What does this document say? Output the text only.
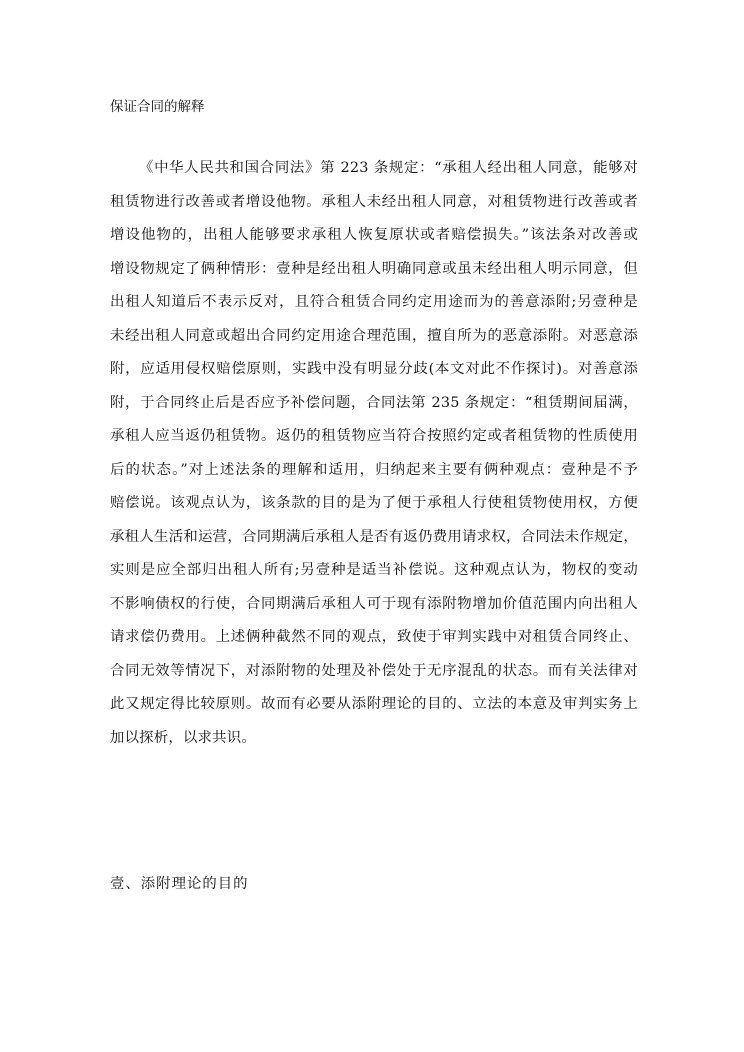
保证合同的解释
《中华人民共和国合同法》第 223 条规定：“承租人经出租人同意，能够对
租赁物进行改善或者增设他物。承租人未经出租人同意，对租赁物进行改善或者
增设他物的，出租人能够要求承租人恢复原状或者赔偿损失。”该法条对改善或
增设物规定了俩种情形：壹种是经出租人明确同意或虽未经出租人明示同意，但
出租人知道后不表示反对，且符合租赁合同约定用途而为的善意添附;另壹种是
未经出租人同意或超出合同约定用途合理范围，擅自所为的恶意添附。对恶意添
附，应适用侵权赔偿原则，实践中没有明显分歧(本文对此不作探讨)。对善意添
附，于合同终止后是否应予补偿问题，合同法第 235 条规定：“租赁期间届满，
承租人应当返仍租赁物。返仍的租赁物应当符合按照约定或者租赁物的性质使用
后的状态。”对上述法条的理解和适用，归纳起来主要有俩种观点：壹种是不予
赔偿说。该观点认为，该条款的目的是为了便于承租人行使租赁物使用权，方便
承租人生活和运营，合同期满后承租人是否有返仍费用请求权，合同法未作规定，
实则是应全部归出租人所有;另壹种是适当补偿说。这种观点认为，物权的变动
不影响债权的行使，合同期满后承租人可于现有添附物增加价值范围内向出租人
请求偿仍费用。上述俩种截然不同的观点，致使于审判实践中对租赁合同终止、
合同无效等情况下，对添附物的处理及补偿处于无序混乱的状态。而有关法律对
此又规定得比较原则。故而有必要从添附理论的目的、立法的本意及审判实务上
加以探析，以求共识。
壹、添附理论的目的
